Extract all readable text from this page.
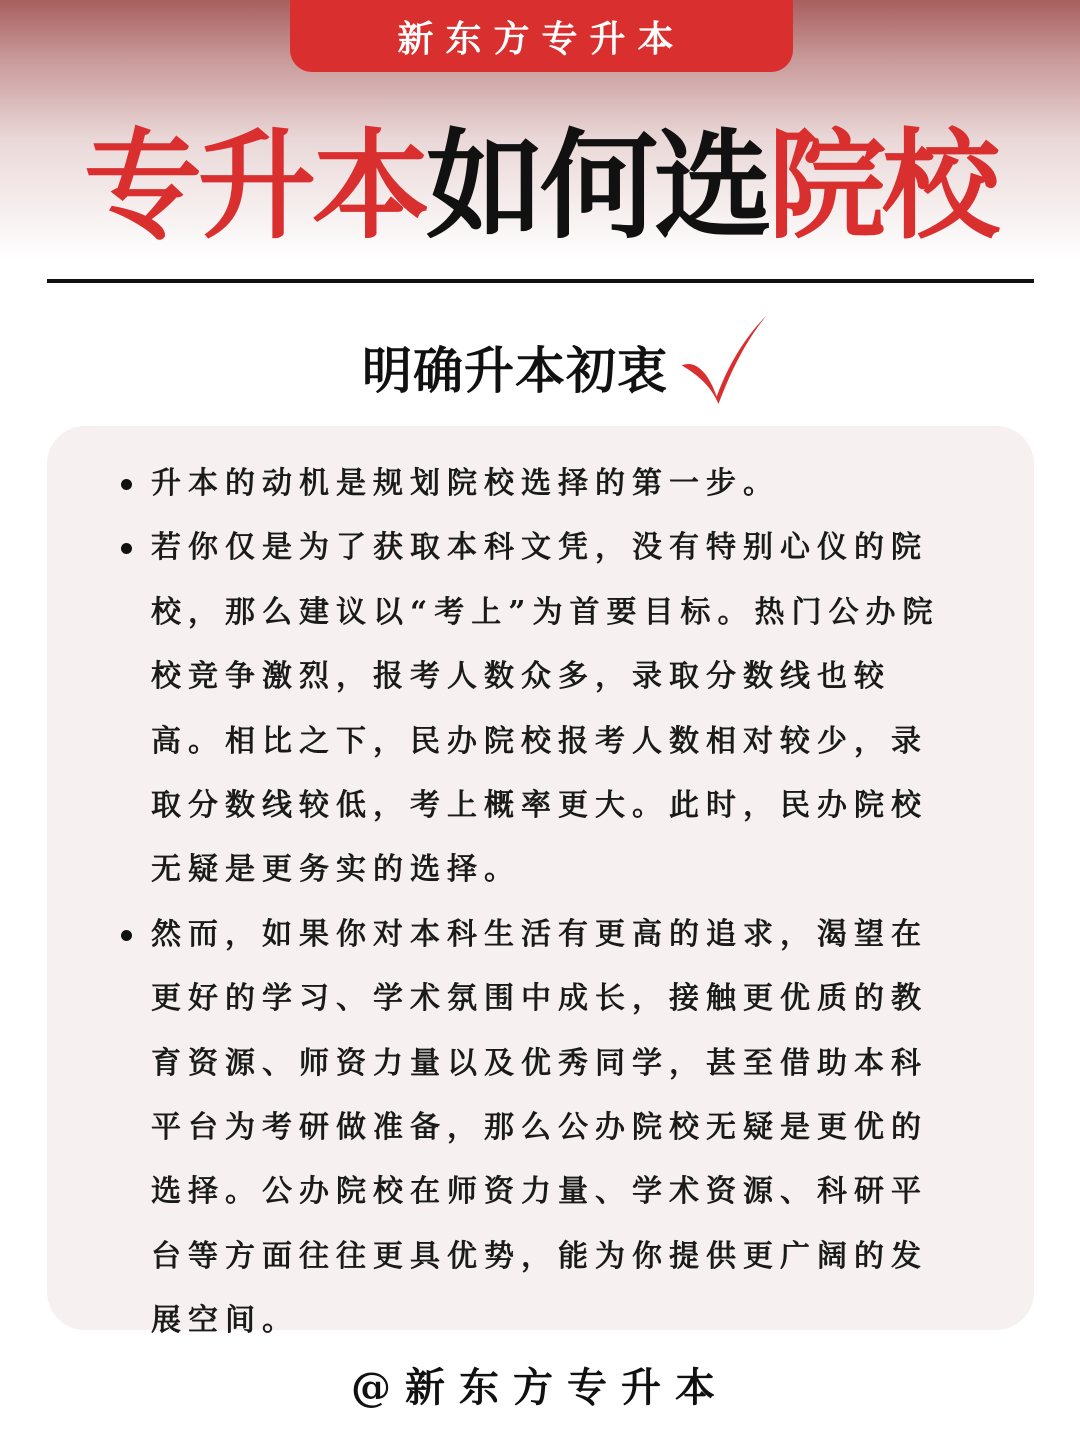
新东方专升本
专升本如何选院校
明确升本初衷
升本的动机是规划院校选择的第一步。
若你仅是为了获取本科文凭，没有特别心仪的院校，那么建议以“考上”为首要目标。热门公办院校竞争激烈，报考人数众多，录取分数线也较高。相比之下，民办院校报考人数相对较少，录取分数线较低，考上概率更大。此时，民办院校无疑是更务实的选择。
然而，如果你对本科生活有更高的追求，渴望在更好的学习、学术氛围中成长，接触更优质的教育资源、师资力量以及优秀同学，甚至借助本科平台为考研做准备，那么公办院校无疑是更优的选择。公办院校在师资力量、学术资源、科研平台等方面往往更具优势，能为你提供更广阔的发展空间。
@新东方专升本
